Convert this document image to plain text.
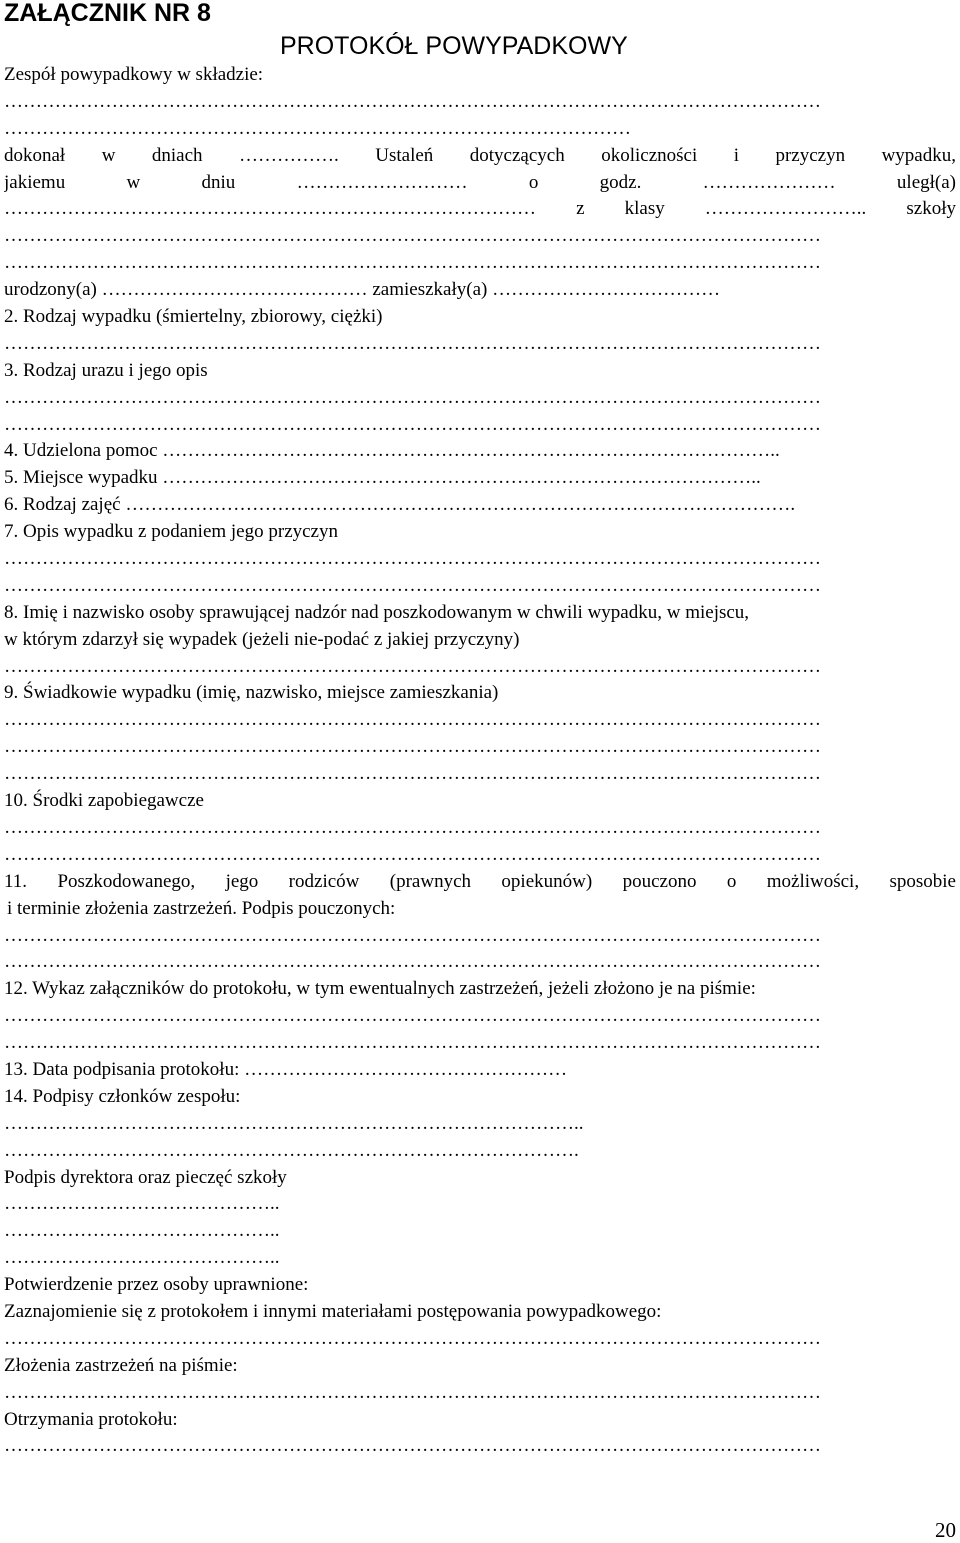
ZAŁĄCZNIK NR 8
PROTOKÓŁ POWYPADKOWY
Zespół powypadkowy w składzie:
…………………………………………………………………………………………………………………
………………………………………………………………………………………
dokonał w dniach ……………. Ustaleń dotyczących okoliczności i przyczyn wypadku,
jakiemu w dniu ……………………… o godz. ………………… uległ(a)
………………………………………………………………………… z klasy …………………….. szkoły
…………………………………………………………………………………………………………………
…………………………………………………………………………………………………………………
urodzony(a) …………………………………… zamieszkały(a) ………………………………
2. Rodzaj wypadku (śmiertelny, zbiorowy, ciężki)
…………………………………………………………………………………………………………………
3. Rodzaj urazu i jego opis
…………………………………………………………………………………………………………………
…………………………………………………………………………………………………………………
4. Udzielona pomoc ……………………………………………………………………………………..
5. Miejsce wypadku …………………………………………………………………………………..
6. Rodzaj zajęć …………………………………………………………………………………………….
7. Opis wypadku z podaniem jego przyczyn
…………………………………………………………………………………………………………………
…………………………………………………………………………………………………………………
8. Imię i nazwisko osoby sprawującej nadzór nad poszkodowanym w chwili wypadku, w miejscu,
w którym zdarzył się wypadek (jeżeli nie-podać z jakiej przyczyny)
…………………………………………………………………………………………………………………
9. Świadkowie wypadku (imię, nazwisko, miejsce zamieszkania)
…………………………………………………………………………………………………………………
…………………………………………………………………………………………………………………
…………………………………………………………………………………………………………………
10. Środki zapobiegawcze
…………………………………………………………………………………………………………………
…………………………………………………………………………………………………………………
11. Poszkodowanego, jego rodziców (prawnych opiekunów) pouczono o możliwości, sposobie
i terminie złożenia zastrzeżeń. Podpis pouczonych:
…………………………………………………………………………………………………………………
…………………………………………………………………………………………………………………
12. Wykaz załączników do protokołu, w tym ewentualnych zastrzeżeń, jeżeli złożono je na piśmie:
…………………………………………………………………………………………………………………
…………………………………………………………………………………………………………………
13. Data podpisania protokołu: ……………………………………………
14. Podpisy członków zespołu:
………………………………………………………………………………..
……………………………………………………………………………….
Podpis dyrektora oraz pieczęć szkoły
……………………………………..
……………………………………..
……………………………………..
Potwierdzenie przez osoby uprawnione:
Zaznajomienie się z protokołem i innymi materiałami postępowania powypadkowego:
…………………………………………………………………………………………………………………
Złożenia zastrzeżeń na piśmie:
…………………………………………………………………………………………………………………
Otrzymania protokołu:
…………………………………………………………………………………………………………………
20
